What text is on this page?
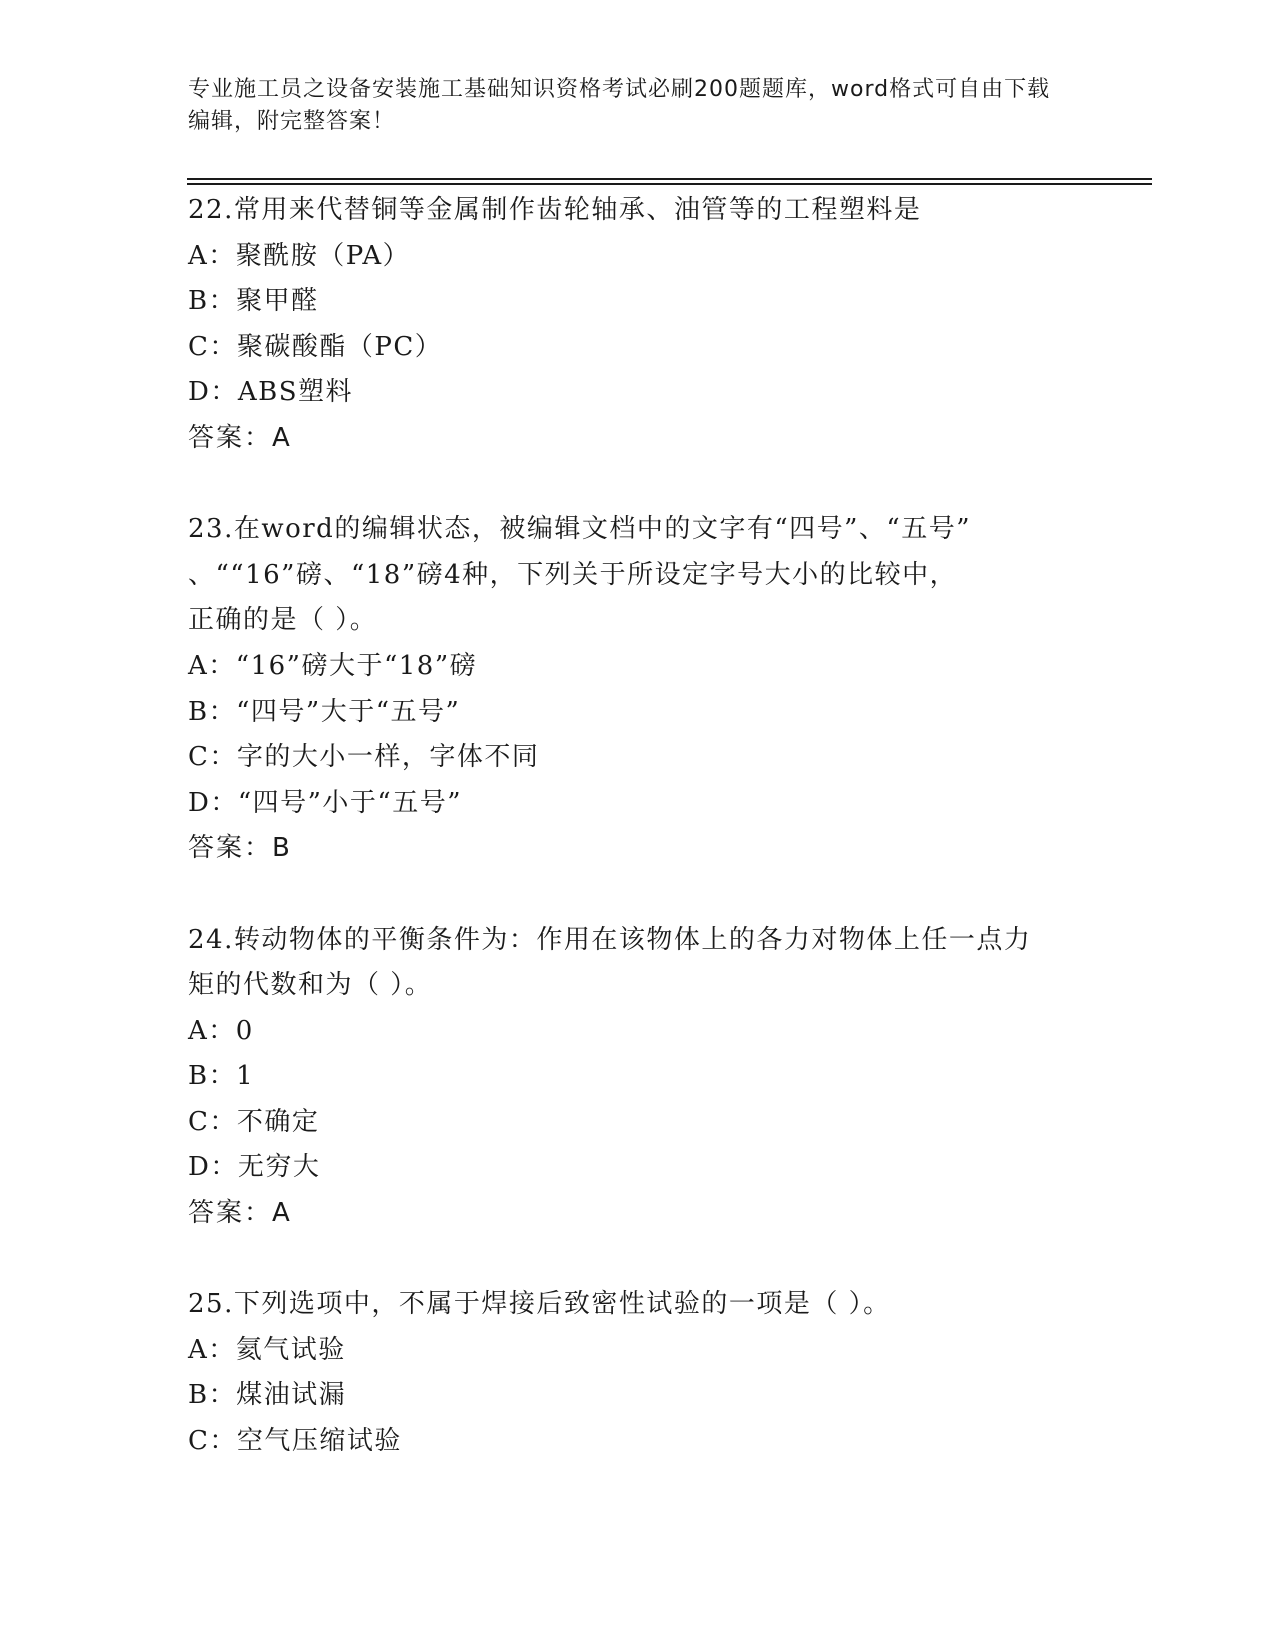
专业施工员之设备安装施工基础知识资格考试必刷200题题库，word格式可自由下载编辑，附完整答案！
22.常用来代替铜等金属制作齿轮轴承、油管等的工程塑料是
A：聚酰胺（PA）
B：聚甲醛
C：聚碳酸酯（PC）
D：ABS塑料
答案：A
23.在word的编辑状态，被编辑文档中的文字有“四号”、“五号”
、““16”磅、“18”磅4种，下列关于所设定字号大小的比较中，
正确的是（ ）。
A：“16”磅大于“18”磅
B：“四号”大于“五号”
C：字的大小一样，字体不同
D：“四号”小于“五号”
答案：B
24.转动物体的平衡条件为：作用在该物体上的各力对物体上任一点力
矩的代数和为（ ）。
A：0
B：1
C：不确定
D：无穷大
答案：A
25.下列选项中，不属于焊接后致密性试验的一项是（ ）。
A：氦气试验
B：煤油试漏
C：空气压缩试验
